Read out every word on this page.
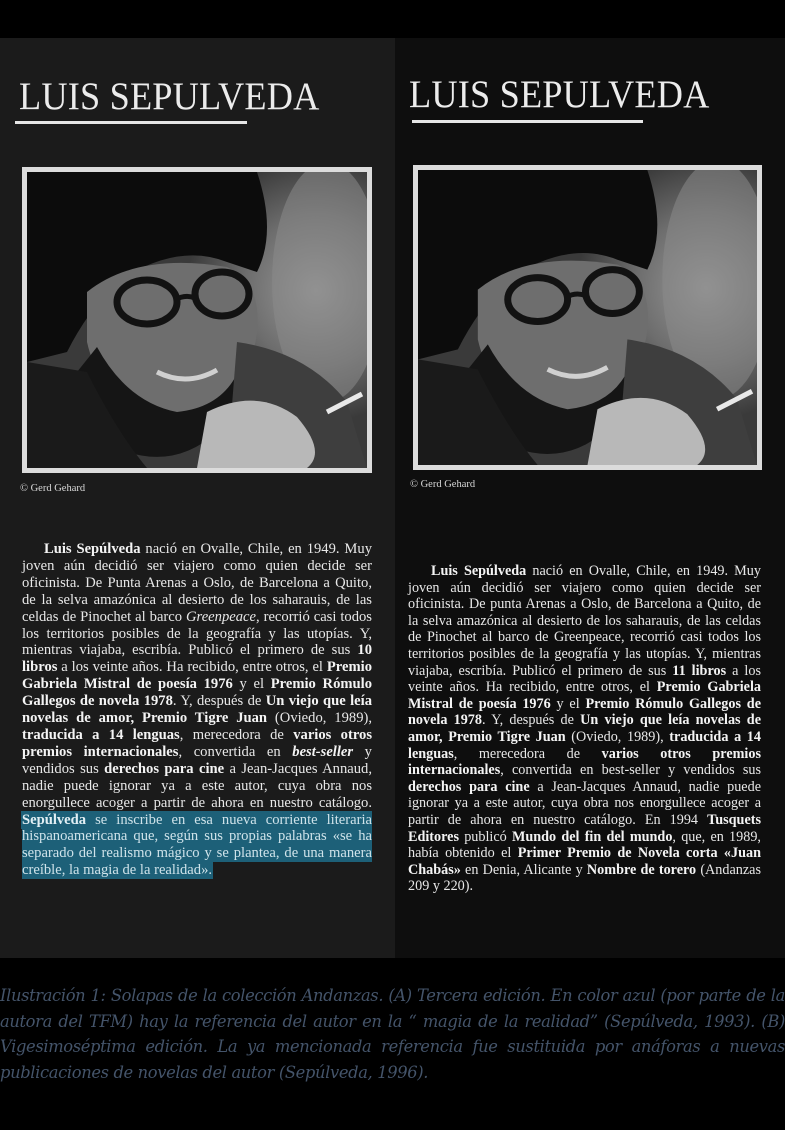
LUIS SEPULVEDA
© Gerd Gehard
Luis Sepúlveda nació en Ovalle, Chile, en 1949. Muy joven aún decidió ser viajero como quien decide ser oficinista. De Punta Arenas a Oslo, de Barcelona a Quito, de la selva amazónica al desierto de los saharauis, de las celdas de Pinochet al barco Greenpeace, recorrió casi todos los territorios posibles de la geografía y las utopías. Y, mientras viajaba, escribía. Publicó el primero de sus 10 libros a los veinte años. Ha recibido, entre otros, el Premio Gabriela Mistral de poesía 1976 y el Premio Rómulo Gallegos de novela 1978. Y, después de Un viejo que leía novelas de amor, Premio Tigre Juan (Oviedo, 1989), traducida a 14 lenguas, merecedora de varios otros premios internacionales, convertida en best-seller y vendidos sus derechos para cine a Jean-Jacques Annaud, nadie puede ignorar ya a este autor, cuya obra nos enorgullece acoger a partir de ahora en nuestro catálogo. Sepúlveda se inscribe en esa nueva corriente literaria hispanoamericana que, según sus propias palabras «se ha separado del realismo mágico y se plantea, de una manera creíble, la magia de la realidad».
LUIS SEPULVEDA
© Gerd Gehard
Luis Sepúlveda nació en Ovalle, Chile, en 1949. Muy joven aún decidió ser viajero como quien decide ser oficinista. De punta Arenas a Oslo, de Barcelona a Quito, de la selva amazónica al desierto de los saharauis, de las celdas de Pinochet al barco de Greenpeace, recorrió casi todos los territorios posibles de la geografía y las utopías. Y, mientras viajaba, escribía. Publicó el primero de sus 11 libros a los veinte años. Ha recibido, entre otros, el Premio Gabriela Mistral de poesía 1976 y el Premio Rómulo Gallegos de novela 1978. Y, después de Un viejo que leía novelas de amor, Premio Tigre Juan (Oviedo, 1989), traducida a 14 lenguas, merecedora de varios otros premios internacionales, convertida en best-seller y vendidos sus derechos para cine a Jean-Jacques Annaud, nadie puede ignorar ya a este autor, cuya obra nos enorgullece acoger a partir de ahora en nuestro catálogo. En 1994 Tusquets Editores publicó Mundo del fin del mundo, que, en 1989, había obtenido el Primer Premio de Novela corta «Juan Chabás» en Denia, Alicante y Nombre de torero (Andanzas 209 y 220).
Ilustración 1: Solapas de la colección Andanzas. (A) Tercera edición. En color azul (por parte de la autora del TFM) hay la referencia del autor en la “ magia de la realidad” (Sepúlveda, 1993). (B) Vigesimoséptima edición. La ya mencionada referencia fue sustituida por anáforas a nuevas publicaciones de novelas del autor (Sepúlveda, 1996).
